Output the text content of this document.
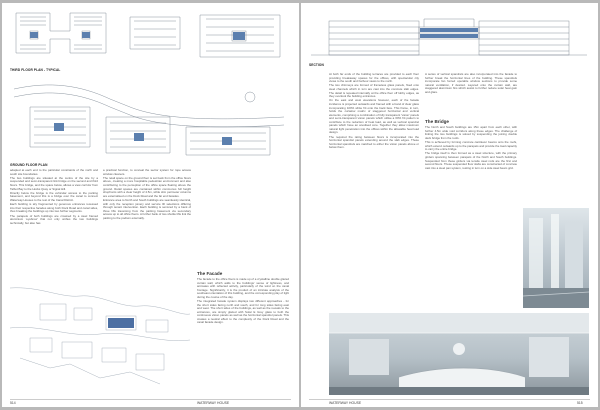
THIRD FLOOR PLAN - TYPICAL
GROUND FLOOR PLAN

adapted at each end to the particular constraints of the north and south site boundaries.

The two buildings are situated at the centre of the site by a suspended and semi-transparent link bridge on the second and third floors. This bridge, and the space below, allows a view corridor from Talbot Bay to the Hocks Quay or Signal Hill.

Directly below the bridge is the vehicular access to the parking basement, and beyond this is a bridge over the canal to connect Waterway Houses to the rest of the Canal District.

Each building is sky fragmented by generous entrances recessed into their respective facades along both Dock Road and canal sides, thus breaking the buildings up into two further segments.

The parapets of both buildings are crowned by a steel framed aluminium 'eyebrow' that not only unifies the two buildings technically, but also has

a practical function, to conceal the sector system for rope access window cleaners.

The retail space on the ground floor is set back from the office floors above, creating a more hospitable pedestrian environment and also contributing to the perception of the office space floating above the ground. Retail spaces are contained within commonus full height shopfronts with a clear height of 4.5m, while slim perimeter columns are externalised on the Dock Road and the far end facades.

Entrance area to North and South buildings are seamlessly identical, with only the reception joinery and service lift selections differing through tenant intervention. Each building is serviced by a bank of three lifts traversing from the parking basement via secondary access up to all office floors. A further bank of two shuttle lifts link the parking to the podium externally.

The Facade

The facade to the office floors is made up of a crystalline double glazed curtain wall, which adds to the buildings' sense of lightness, and animates with reflected activity, particularly of the wind on the canal frontage. Significantly, it is the product of an intricate analysis of the southeast orientation of this building, and the corresponding play of light during the course of the day.

The integrated facade system displays two different approaches - for the short sides facing north and south, and for long sides facing east and west. The short sides of the buildings, as well as the reveals to the entrances, are simply glazed with Solar E Grey glass to both the continuous vision panels as well as the horizontal spandrel panels. This creates a neutral effect to the complexity of the Dock Road and the canal facade design.

514	WATERWAY HOUSE
SECTION

At both far ends of the building terraces are provided to each floor providing breakaway spaces for the offices, with spectacular city views to the south and harbour views to the north.

The two chimneys are formed of frameless glass panels, fixed onto steel channels which in turn are cast into the concrete slab edges. The detail is repeated internally at the office floor off lobby edges, as they overlook the building entrances.

On the east and west elevations however, each of the facade incidence is projected outwards and framed with a band of clear glass incorporating 100% white frit onto the back face. This frame, in turn, holds the curtainw matrix of staggered horizontal and vertical elements, comprising a combination of fully transparent 'vision' panels and semi-transparent vision panels which utilise a 60% frit pattern to contribute to the reduction of heat load, as well as vertical spandrel panels which have an anodised core. Together they allow maximum natural light penetration into the offices within the allowable heat load design.

The required fire rating between floors is incorporated into the horizontal spandrel panels extending around the slab edges. These horizontal spandrels are matched to either the vision panels above or below them.

A series of vertical spandrels are also incorporated into the facade to further break the horizontal lines of the building. These spandrels incorporate fan forced operable window sections to provide some natural ventilation, if desired. Layered onto the curtain wall, are staggered aluminium fins which assist to further reduce solar heat gain and glare.

The Bridge

The North and South buildings are 15m apart from each other, with further 4.5m wide void corridors along these edges. The challenge of linking the two buildings is solved by suspending the joining double deck bridge from the roofs.

This is achieved by forming concrete cantilever beams onto the roofs, which extend outwards up to the parapets and provide the load capacity to carry the entire bridge.

The bridge itself is then formed as a steel structure, with the primary girders spanning between parapets of the North and South buildings. Suspended from these girders via tensile steel rods are the first and second floors. These suspended floor slabs are constructed of concrete cast into a steel pan system, resting in turn on a side steel beam grid.

WATERWAY HOUSE	515
